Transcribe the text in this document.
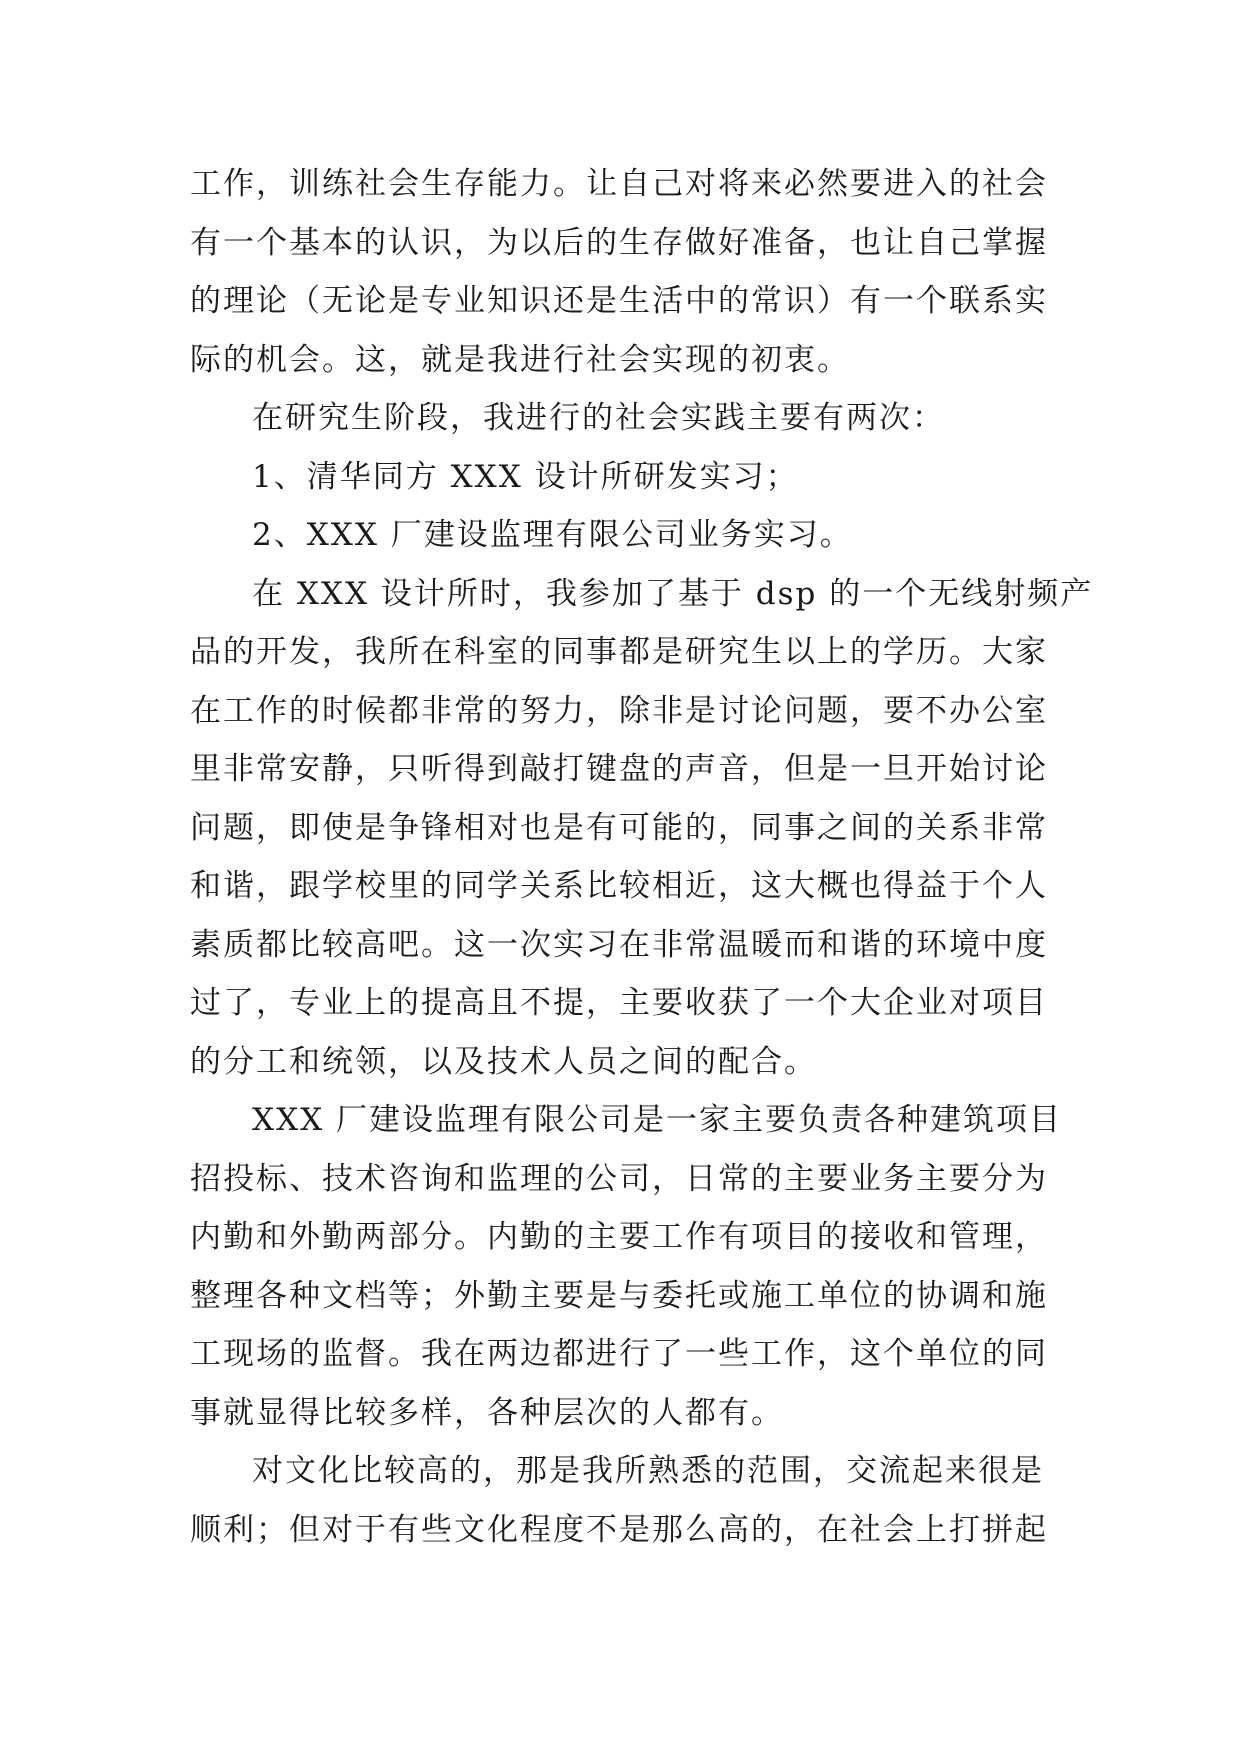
工作，训练社会生存能力。让自己对将来必然要进入的社会
有一个基本的认识，为以后的生存做好准备，也让自己掌握
的理论（无论是专业知识还是生活中的常识）有一个联系实
际的机会。这，就是我进行社会实现的初衷。
在研究生阶段，我进行的社会实践主要有两次：
1、清华同方 XXX 设计所研发实习；
2、XXX 厂建设监理有限公司业务实习。
在 XXX 设计所时，我参加了基于 dsp 的一个无线射频产
品的开发，我所在科室的同事都是研究生以上的学历。大家
在工作的时候都非常的努力，除非是讨论问题，要不办公室
里非常安静，只听得到敲打键盘的声音，但是一旦开始讨论
问题，即使是争锋相对也是有可能的，同事之间的关系非常
和谐，跟学校里的同学关系比较相近，这大概也得益于个人
素质都比较高吧。这一次实习在非常温暖而和谐的环境中度
过了，专业上的提高且不提，主要收获了一个大企业对项目
的分工和统领，以及技术人员之间的配合。
XXX 厂建设监理有限公司是一家主要负责各种建筑项目
招投标、技术咨询和监理的公司，日常的主要业务主要分为
内勤和外勤两部分。内勤的主要工作有项目的接收和管理，
整理各种文档等；外勤主要是与委托或施工单位的协调和施
工现场的监督。我在两边都进行了一些工作，这个单位的同
事就显得比较多样，各种层次的人都有。
对文化比较高的，那是我所熟悉的范围，交流起来很是
顺利；但对于有些文化程度不是那么高的，在社会上打拼起
